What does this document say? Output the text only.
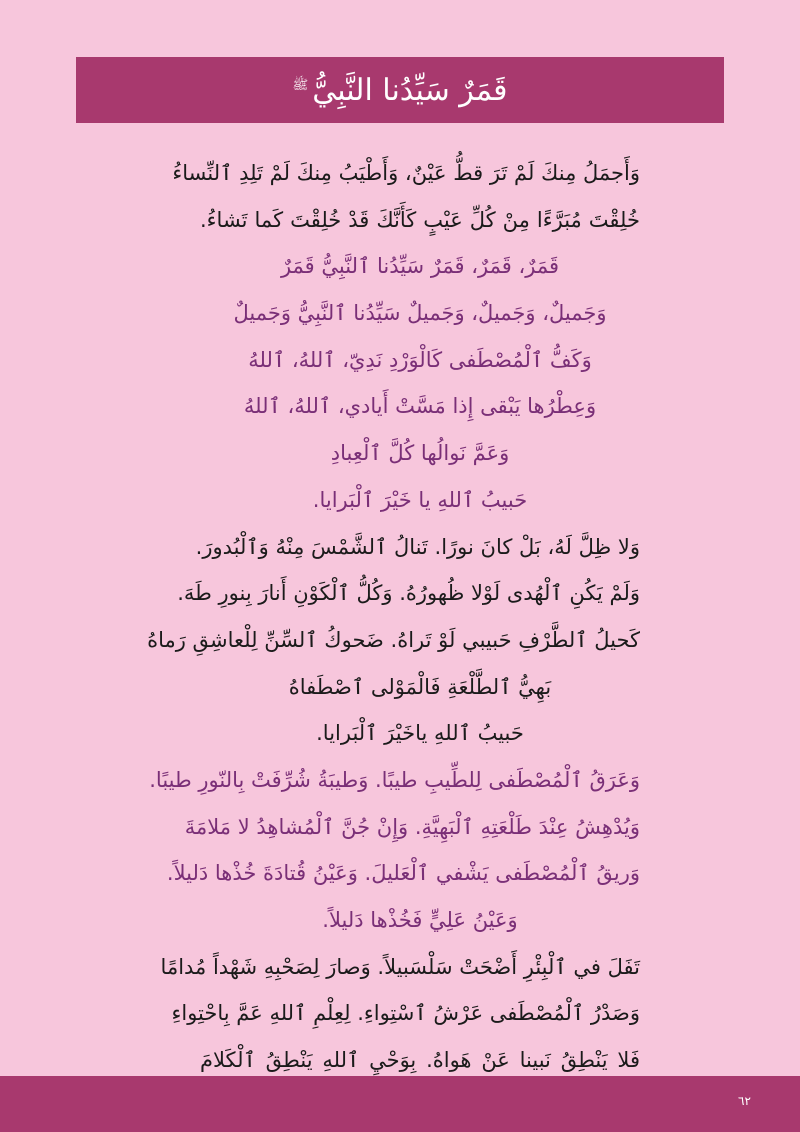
قَمَرٌ سَيِّدُنا النَّبِيُّ$^ﷺ$
وَأَجمَلُ مِنكَ لَمْ تَرَ قطُّ عَيْنٌ، وَأَطْيَبُ مِنكَ لَمْ تَلِدِ ٱلنِّساءُ
خُلِقْتَ مُبَرَّءًا مِنْ كُلِّ عَيْبٍ كَأَنَّكَ قَدْ خُلِقْتَ كَما تَشاءُ.
قَمَرٌ، قَمَرٌ، قَمَرٌ سَيِّدُنا ٱلنَّبِيُّ قَمَرٌ
وَجَميلٌ، وَجَميلٌ، وَجَميلٌ سَيِّدُنا ٱلنَّبِيُّ وَجَميلٌ
وَكَفُّ ٱلْمُصْطَفى كَالْوَرْدِ نَدِيّ، ٱللهُ، ٱللهُ
وَعِطْرُها يَبْقى إِذا مَسَّتْ أَيادي، ٱللهُ، ٱللهُ
وَعَمَّ نَوالُها كُلَّ ٱلْعِبادِ
حَبيبُ ٱللهِ يا خَيْرَ ٱلْبَرايا.
وَلا ظِلَّ لَهُ، بَلْ كانَ نورًا. تَنالُ ٱلشَّمْسَ مِنْهُ وَٱلْبُدورَ.
وَلَمْ يَكُنِ ٱلْهُدى لَوْلا ظُهورُهُ. وَكُلُّ ٱلْكَوْنِ أَنارَ بِنورِ طَهَ.
كَحيلُ ٱلطَّرْفِ حَبيبي لَوْ تَراهُ. ضَحوكُ ٱلسِّنِّ لِلْعاشِقِ رَماهُ
بَهِيُّ ٱلطَّلْعَةِ فَالْمَوْلى ٱصْطَفاهُ
حَبيبُ ٱللهِ ياخَيْرَ ٱلْبَرايا.
وَعَرَقُ ٱلْمُصْطَفى لِلطِّيبِ طيبًا. وَطيبَةُ شُرِّفَتْ بِالنّورِ طيبًا.
وَيُدْهِشُ عِنْدَ طَلْعَتِهِ ٱلْبَهِيَّةِ. وَإِنْ جُنَّ ٱلْمُشاهِدُ لا مَلامَةَ
وَريقُ ٱلْمُصْطَفى يَشْفي ٱلْعَليلَ. وَعَيْنُ قُتادَةَ خُذْها دَليلاً.
وَعَيْنُ عَلِيٍّ فَخُذْها دَليلاً.
تَفَلَ في ٱلْبِئْرِ أَضْحَتْ سَلْسَبيلاً. وَصارَ لِصَحْبِهِ شَهْداً مُدامًا
وَصَدْرُ ٱلْمُصْطَفى عَرْشُ ٱسْتِواءِ. لِعِلْمِ ٱللهِ عَمَّ بِاحْتِواءِ
فَلا يَنْطِقُ نَبينا عَنْ هَواهُ. بِوَحْيِ ٱللهِ يَنْطِقُ ٱلْكَلامَ
٦٢
